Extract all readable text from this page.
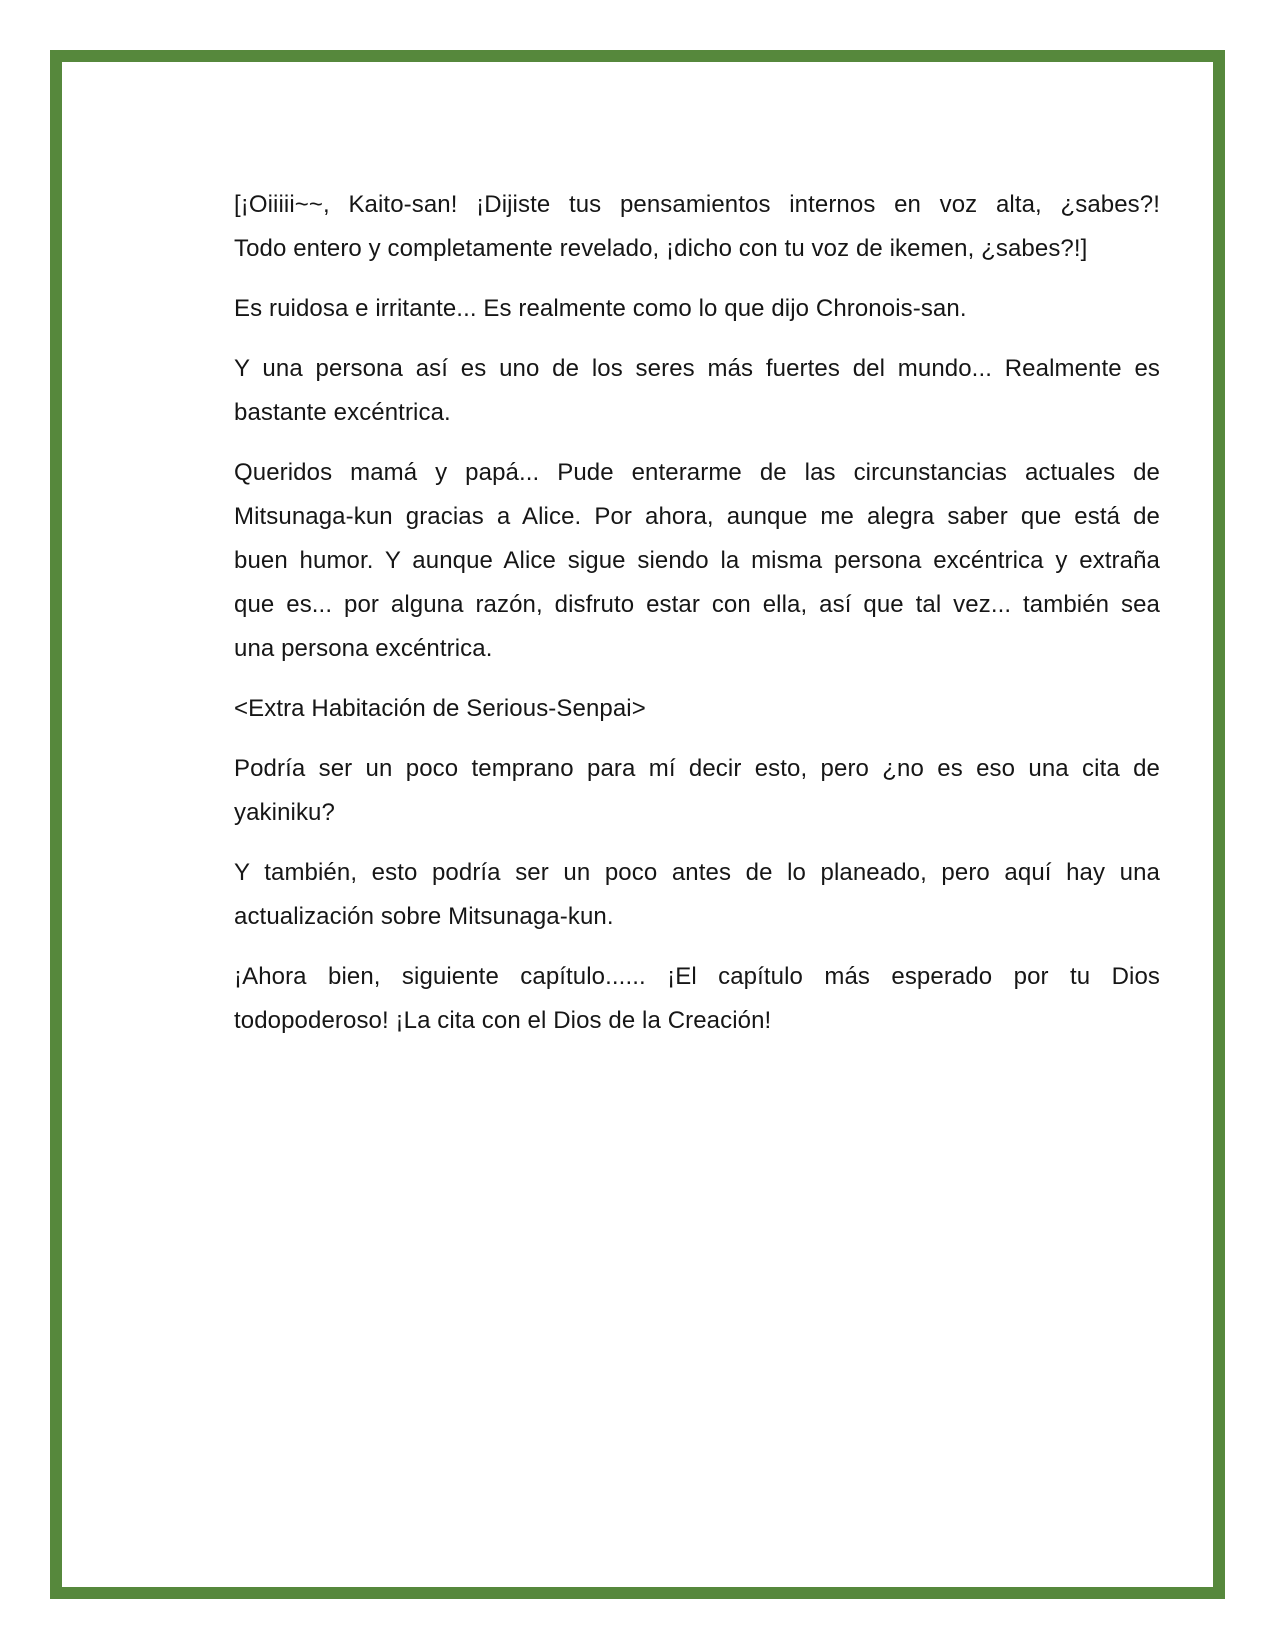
[¡Oiiiii~~, Kaito-san! ¡Dijiste tus pensamientos internos en voz alta, ¿sabes?!
Todo entero y completamente revelado, ¡dicho con tu voz de ikemen, ¿sabes?!]
Es ruidosa e irritante... Es realmente como lo que dijo Chronois-san.
Y una persona así es uno de los seres más fuertes del mundo... Realmente es
bastante excéntrica.
Queridos mamá y papá... Pude enterarme de las circunstancias actuales de
Mitsunaga-kun gracias a Alice. Por ahora, aunque me alegra saber que está de
buen humor. Y aunque Alice sigue siendo la misma persona excéntrica y extraña
que es... por alguna razón, disfruto estar con ella, así que tal vez... también sea
una persona excéntrica.
<Extra Habitación de Serious-Senpai>
Podría ser un poco temprano para mí decir esto, pero ¿no es eso una cita de
yakiniku?
Y también, esto podría ser un poco antes de lo planeado, pero aquí hay una
actualización sobre Mitsunaga-kun.
¡Ahora bien, siguiente capítulo...... ¡El capítulo más esperado por tu Dios
todopoderoso! ¡La cita con el Dios de la Creación!
